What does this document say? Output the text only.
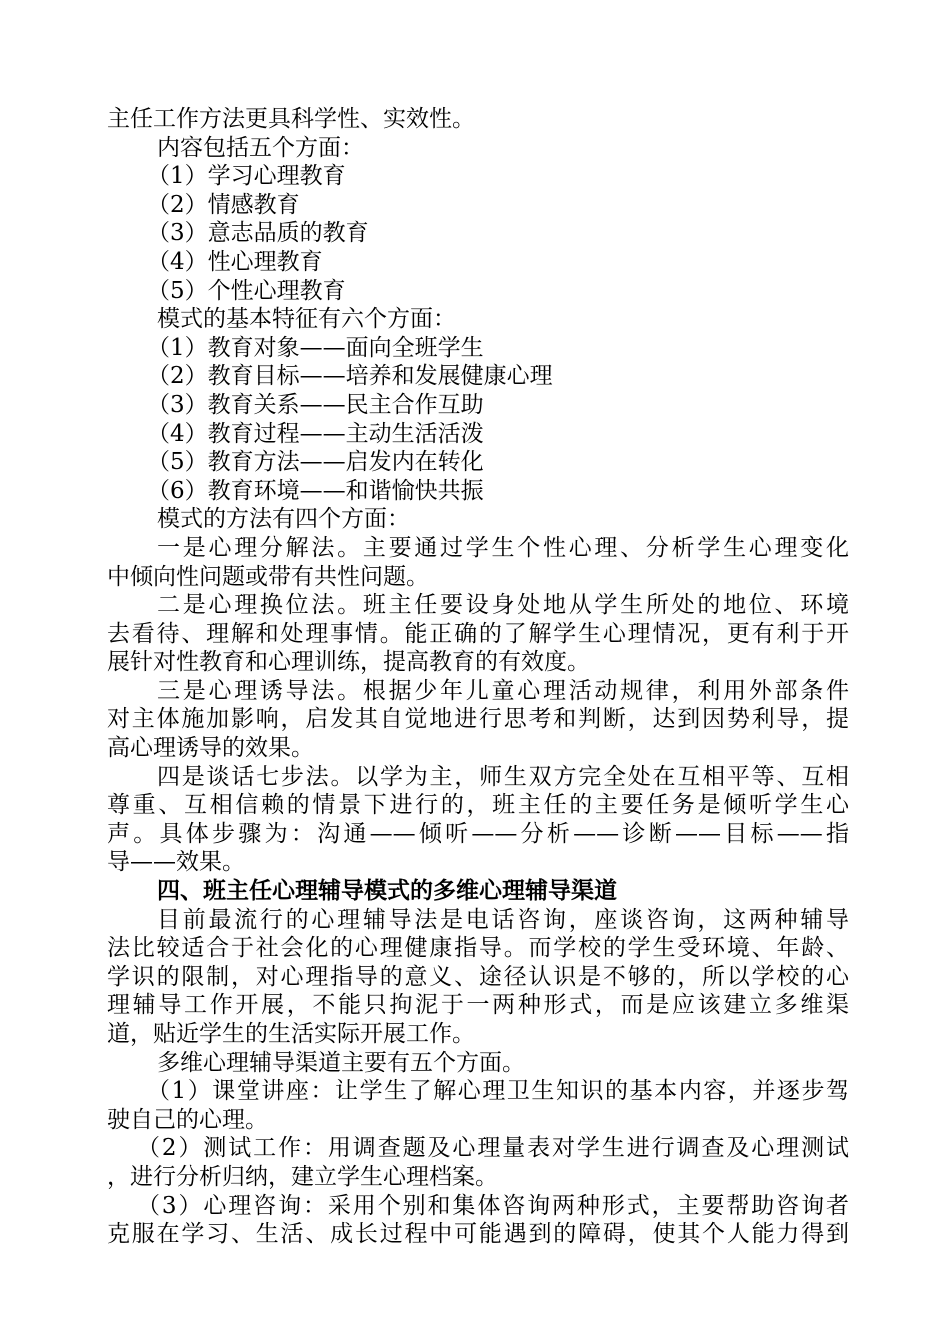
主任工作方法更具科学性、实效性。
内容包括五个方面：
（1）学习心理教育
（2）情感教育
（3）意志品质的教育
（4）性心理教育
（5）个性心理教育
模式的基本特征有六个方面：
（1）教育对象——面向全班学生
（2）教育目标——培养和发展健康心理
（3）教育关系——民主合作互助
（4）教育过程——主动生活活泼
（5）教育方法——启发内在转化
（6）教育环境——和谐愉快共振
模式的方法有四个方面：
一是心理分解法。主要通过学生个性心理、分析学生心理变化
中倾向性问题或带有共性问题。
二是心理换位法。班主任要设身处地从学生所处的地位、环境
去看待、理解和处理事情。能正确的了解学生心理情况，更有利于开
展针对性教育和心理训练，提高教育的有效度。
三是心理诱导法。根据少年儿童心理活动规律，利用外部条件
对主体施加影响，启发其自觉地进行思考和判断，达到因势利导，提
高心理诱导的效果。
四是谈话七步法。以学为主，师生双方完全处在互相平等、互相
尊重、互相信赖的情景下进行的，班主任的主要任务是倾听学生心
声。具体步骤为：沟通——倾听——分析——诊断——目标——指
导——效果。
四、班主任心理辅导模式的多维心理辅导渠道
目前最流行的心理辅导法是电话咨询，座谈咨询，这两种辅导
法比较适合于社会化的心理健康指导。而学校的学生受环境、年龄、
学识的限制，对心理指导的意义、途径认识是不够的，所以学校的心
理辅导工作开展，不能只拘泥于一两种形式，而是应该建立多维渠
道，贴近学生的生活实际开展工作。
多维心理辅导渠道主要有五个方面。
（1）课堂讲座：让学生了解心理卫生知识的基本内容，并逐步驾
驶自己的心理。
（2）测试工作：用调查题及心理量表对学生进行调查及心理测试
，进行分析归纳，建立学生心理档案。
（3）心理咨询：采用个别和集体咨询两种形式，主要帮助咨询者
克服在学习、生活、成长过程中可能遇到的障碍，使其个人能力得到
